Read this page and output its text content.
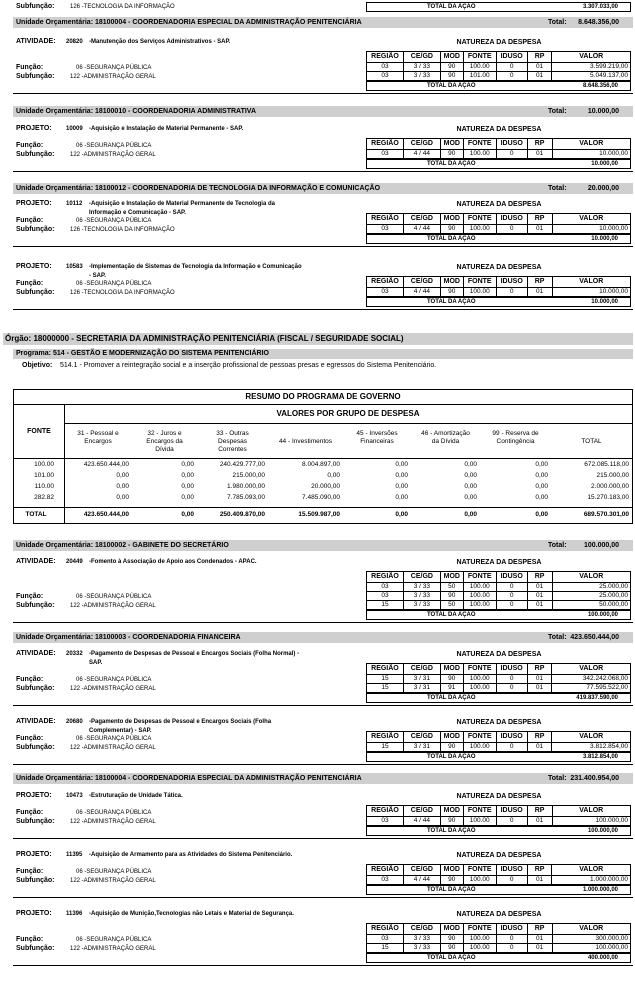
Subfunção:	126 -TECNOLOGIA DA INFORMAÇÃO	TOTAL DA AÇÃO	3.307.033,00
Unidade Orçamentária: 18100004 - COORDENADORIA ESPECIAL DA ADMINISTRAÇÃO PENITENCIÁRIA	Total: 8.648.356,00
Unidade Orçamentária: 18100010 - COORDENADORIA ADMINISTRATIVA	Total:	10.000,00
Unidade Orçamentária: 18100012 - COORDENADORIA DE TECNOLOGIA DA INFORMAÇÃO E COMUNICAÇÃO	Total:	20.000,00
Unidade Orçamentária: 18100002 - GABINETE DO SECRETÁRIO	Total: 100.000,00
Unidade Orçamentária: 18100003 - COORDENADORIA FINANCEIRA	Total: 423.650.444,00
Unidade Orçamentária: 18100004 - COORDENADORIA ESPECIAL DA ADMINISTRAÇÃO PENITENCIÁRIA	Total: 231.400.954,00
ATIVIDADE: 20820 -Manutenção dos Serviços Administrativos - SAP.	NATUREZA DA DESPESA
REGIÃO	CE/GD	MOD	FONTE	IDUSO	RP	VALOR
03	3 / 33	90	100.00	0	01	3.599.219,00
03	3 / 33	90	101.00	0	01	5.049.137,00
Função:	06 -SEGURANÇA PÚBLICA
Subfunção:	122 -ADMINISTRAÇÃO GERAL
TOTAL DA AÇÃO	8.648.356,00
PROJETO: 10009 -Aquisição e Instalação de Material Permanente - SAP.	NATUREZA DA DESPESA
REGIÃO	CE/GD	MOD	FONTE	IDUSO	RP	VALOR
03	4 / 44	90	100.00	0	01	10.000,00
Função:	06 -SEGURANÇA PÚBLICA
Subfunção:	122 -ADMINISTRAÇÃO GERAL
TOTAL DA AÇÃO	10.000,00
PROJETO: 10112 -Aquisição e Instalação de Material Permanente de Tecnologia da
Informação e Comunicação - SAP.
NATUREZA DA DESPESA
REGIÃO	CE/GD	MOD	FONTE	IDUSO	RP	VALOR
03	4 / 44	90	100.00	0	01	10.000,00
Função:	06 -SEGURANÇA PÚBLICA
Subfunção:	126 -TECNOLOGIA DA INFORMAÇÃO
TOTAL DA AÇÃO	10.000,00
PROJETO: 10583 -Implementação de Sistemas de Tecnologia da Informação e Comunicação
- SAP.
NATUREZA DA DESPESA
REGIÃO	CE/GD	MOD	FONTE	IDUSO	RP	VALOR
03	4 / 44	90	100.00	0	01	10.000,00
Função:	06 -SEGURANÇA PÚBLICA
Subfunção:	126 -TECNOLOGIA DA INFORMAÇÃO
TOTAL DA AÇÃO	10.000,00
ATIVIDADE: 20449 -Fomento à Associação de Apoio aos Condenados - APAC.	NATUREZA DA DESPESA
REGIÃO	CE/GD	MOD	FONTE	IDUSO	RP	VALOR
03	3 / 33	50	100.00	0	01	25.000,00
03	3 / 33	90	100.00	0	01	25.000,00
15	3 / 33	50	100.00	0	01	50.000,00
Função:	06 -SEGURANÇA PÚBLICA
Subfunção:	122 -ADMINISTRAÇÃO GERAL
TOTAL DA AÇÃO	100.000,00
ATIVIDADE: 20332 -Pagamento de Despesas de Pessoal e Encargos Sociais (Folha Normal) -
SAP.
NATUREZA DA DESPESA
REGIÃO	CE/GD	MOD	FONTE	IDUSO	RP	VALOR
15	3 / 31	90	100.00	0	01	342.242.068,00
15	3 / 31	91	100.00	0	01	77.595.522,00
Função:	06 -SEGURANÇA PÚBLICA
Subfunção:	122 -ADMINISTRAÇÃO GERAL
TOTAL DA AÇÃO	419.837.590,00
ATIVIDADE: 20680 -Pagamento de Despesas de Pessoal e Encargos Sociais (Folha
Complementar) - SAP.
NATUREZA DA DESPESA
REGIÃO	CE/GD	MOD	FONTE	IDUSO	RP	VALOR
15	3 / 31	90	100.00	0	01	3.812.854,00
Função:	06 -SEGURANÇA PÚBLICA
Subfunção:	122 -ADMINISTRAÇÃO GERAL
TOTAL DA AÇÃO	3.812.854,00
PROJETO: 10473 -Estruturação de Unidade Tática.	NATUREZA DA DESPESA
REGIÃO	CE/GD	MOD	FONTE	IDUSO	RP	VALOR
03	4 / 44	90	100.00	0	01	100.000,00
Função:	06 -SEGURANÇA PÚBLICA
Subfunção:	122 -ADMINISTRAÇÃO GERAL
TOTAL DA AÇÃO	100.000,00
PROJETO: 11395 -Aquisição de Armamento para as Atividades do Sistema Penitenciário.	NATUREZA DA DESPESA
REGIÃO	CE/GD	MOD	FONTE	IDUSO	RP	VALOR
03	4 / 44	90	100.00	0	01	1.000.000,00
Função:	06 -SEGURANÇA PÚBLICA
Subfunção:	122 -ADMINISTRAÇÃO GERAL
TOTAL DA AÇÃO	1.000.000,00
PROJETO: 11396 -Aquisição de Munição,Tecnologias não Letais e Material de Segurança.	NATUREZA DA DESPESA
REGIÃO	CE/GD	MOD	FONTE	IDUSO	RP	VALOR
03	3 / 33	90	100.00	0	01	300.000,00
15	3 / 33	90	100.00	0	01	100.000,00
Função:	06 -SEGURANÇA PÚBLICA
Subfunção:	122 -ADMINISTRAÇÃO GERAL
TOTAL DA AÇÃO	400.000,00
Órgão: 18000000 - SECRETARIA DA ADMINISTRAÇÃO PENITENCIÁRIA (FISCAL / SEGURIDADE SOCIAL)
Programa: 514 - GESTÃO E MODERNIZAÇÃO DO SISTEMA PENITENCIÁRIO
Objetivo: 514.1 - Promover a reintegração social e a inserção profissional de pessoas presas e egressos do Sistema Penitenciário.
RESUMO DO PROGRAMA DE GOVERNO
VALORES POR GRUPO DE DESPESA
FONTE	31 - Pessoal e
Encargos
32 - Juros e
Encargos da
Dívida
33 - Outras
Despesas
Correntes
44 - Investimentos
45 - Inversões
Financeiras
46 - Amortização
da Dívida
99 - Reserva de
Contingência	TOTAL
100.00	423.650.444,00	0,00	240.429.777,00	8.004.897,00	0,00	0,00	0,00	672.085.118,00
101.00	0,00	0,00	215.000,00	0,00	0,00	0,00	0,00	215.000,00
110.00	0,00	0,00	1.980.000,00	20.000,00	0,00	0,00	0,00	2.000.000,00
282.82	0,00	0,00	7.785.093,00	7.485.090,00	0,00	0,00	0,00	15.270.183,00
TOTAL	423.650.444,00	0,00	250.409.870,00	15.509.987,00	0,00	0,00	0,00	689.570.301,00
